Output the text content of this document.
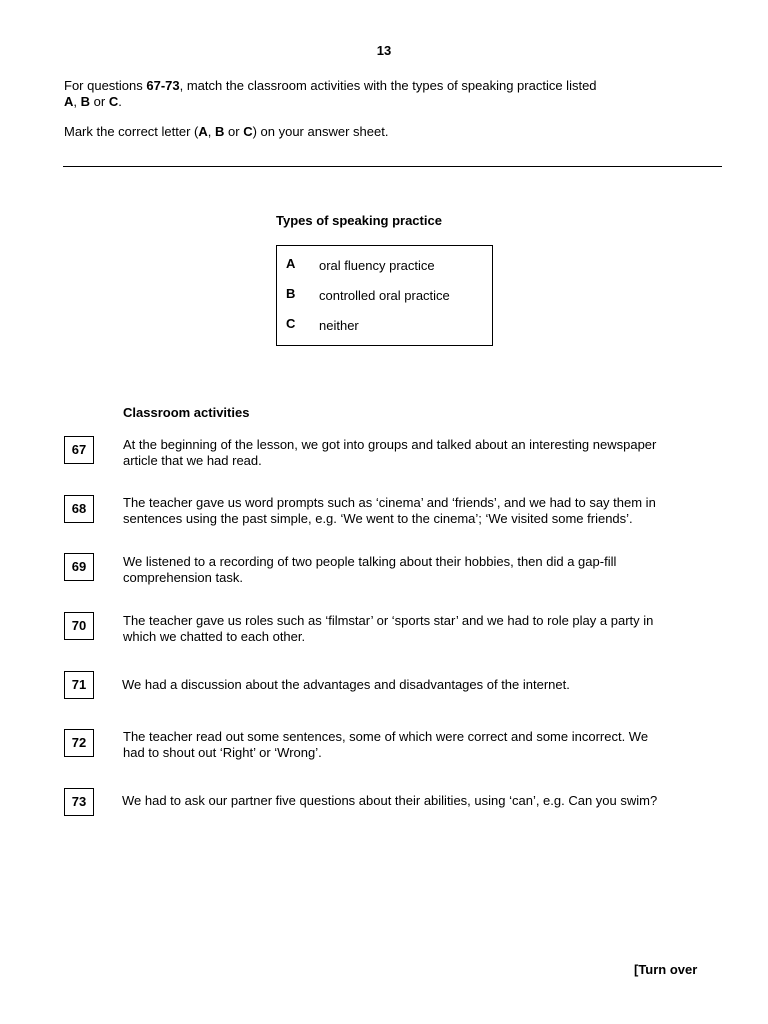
13
For questions 67-73, match the classroom activities with the types of speaking practice listed
A, B or C.
Mark the correct letter (A, B or C) on your answer sheet.
Types of speaking practice
A oral fluency practice
B controlled oral practice
C neither
Classroom activities
67	At the beginning of the lesson, we got into groups and talked about an interesting newspaper
article that we had read.
68	The teacher gave us word prompts such as ‘cinema’ and ‘friends’, and we had to say them in
sentences using the past simple, e.g. ‘We went to the cinema’; ‘We visited some friends’.
69	We listened to a recording of two people talking about their hobbies, then did a gap-fill
comprehension task.
70	The teacher gave us roles such as ‘filmstar’ or ‘sports star’ and we had to role play a party in
which we chatted to each other.
71	We had a discussion about the advantages and disadvantages of the internet.
72	The teacher read out some sentences, some of which were correct and some incorrect. We
had to shout out ‘Right’ or ‘Wrong’.
73	We had to ask our partner five questions about their abilities, using ‘can’, e.g. Can you swim?
[Turn over
